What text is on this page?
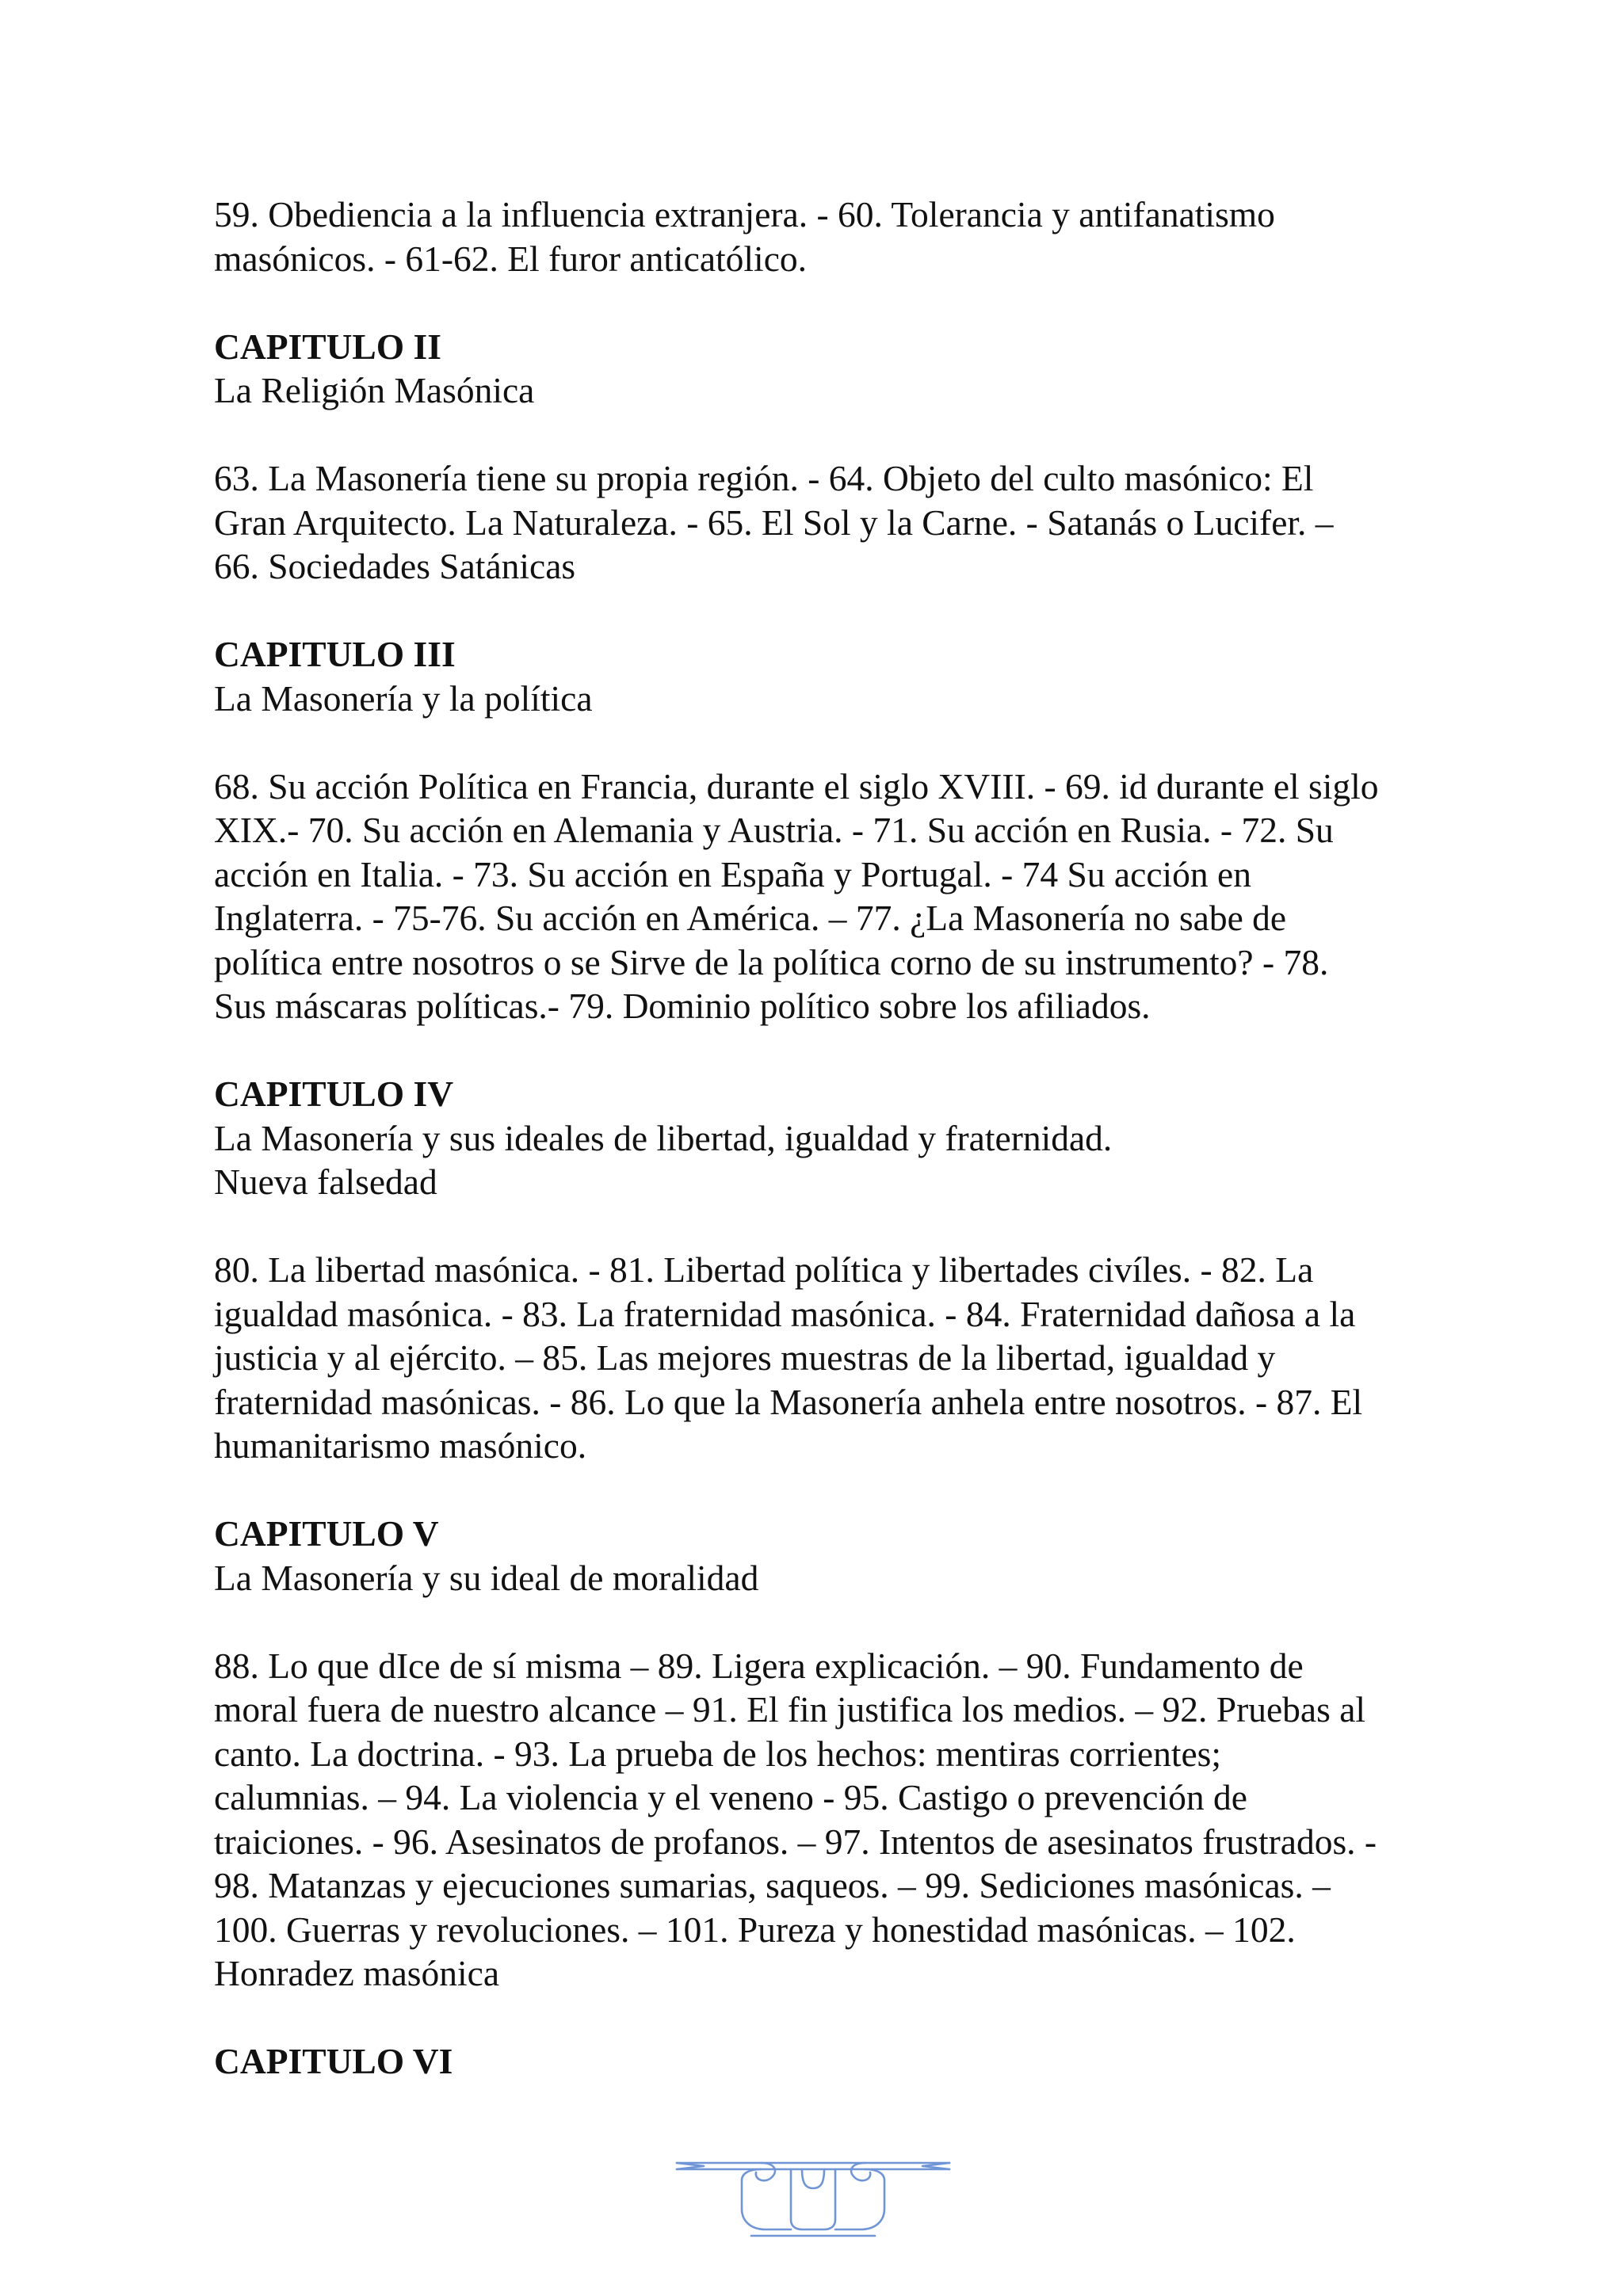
59. Obediencia a la influencia extranjera. - 60. Tolerancia y antifanatismo
masónicos. - 61-62. El furor anticatólico.

CAPITULO II

La Religión Masónica

63. La Masonería tiene su propia región. - 64. Objeto del culto masónico: El
Gran Arquitecto. La Naturaleza. - 65. El Sol y la Carne. - Satanás o Lucifer. –
66. Sociedades Satánicas

CAPITULO III

La Masonería y la política

68. Su acción Política en Francia, durante el siglo XVIII. - 69. id durante el siglo
XIX.- 70. Su acción en Alemania y Austria. - 71. Su acción en Rusia. - 72. Su
acción en Italia. - 73. Su acción en España y Portugal. - 74 Su acción en
Inglaterra. - 75-76. Su acción en América. – 77. ¿La Masonería no sabe de
política entre nosotros o se Sirve de la política corno de su instrumento? - 78.
Sus máscaras políticas.- 79. Dominio político sobre los afiliados.

CAPITULO IV

La Masonería y sus ideales de libertad, igualdad y fraternidad.
Nueva falsedad

80. La libertad masónica. - 81. Libertad política y libertades civíles. - 82. La
igualdad masónica. - 83. La fraternidad masónica. - 84. Fraternidad dañosa a la
justicia y al ejército. – 85. Las mejores muestras de la libertad, igualdad y
fraternidad masónicas. - 86. Lo que la Masonería anhela entre nosotros. - 87. El
humanitarismo masónico.

CAPITULO V

La Masonería y su ideal de moralidad

88. Lo que dIce de sí misma – 89. Ligera explicación. – 90. Fundamento de
moral fuera de nuestro alcance – 91. El fin justifica los medios. – 92. Pruebas al
canto. La doctrina. - 93. La prueba de los hechos: mentiras corrientes;
calumnias. – 94. La violencia y el veneno - 95. Castigo o prevención de
traiciones. - 96. Asesinatos de profanos. – 97. Intentos de asesinatos frustrados. -
98. Matanzas y ejecuciones sumarias, saqueos. – 99. Sediciones masónicas. –
100. Guerras y revoluciones. – 101. Pureza y honestidad masónicas. – 102.
Honradez masónica

CAPITULO VI
